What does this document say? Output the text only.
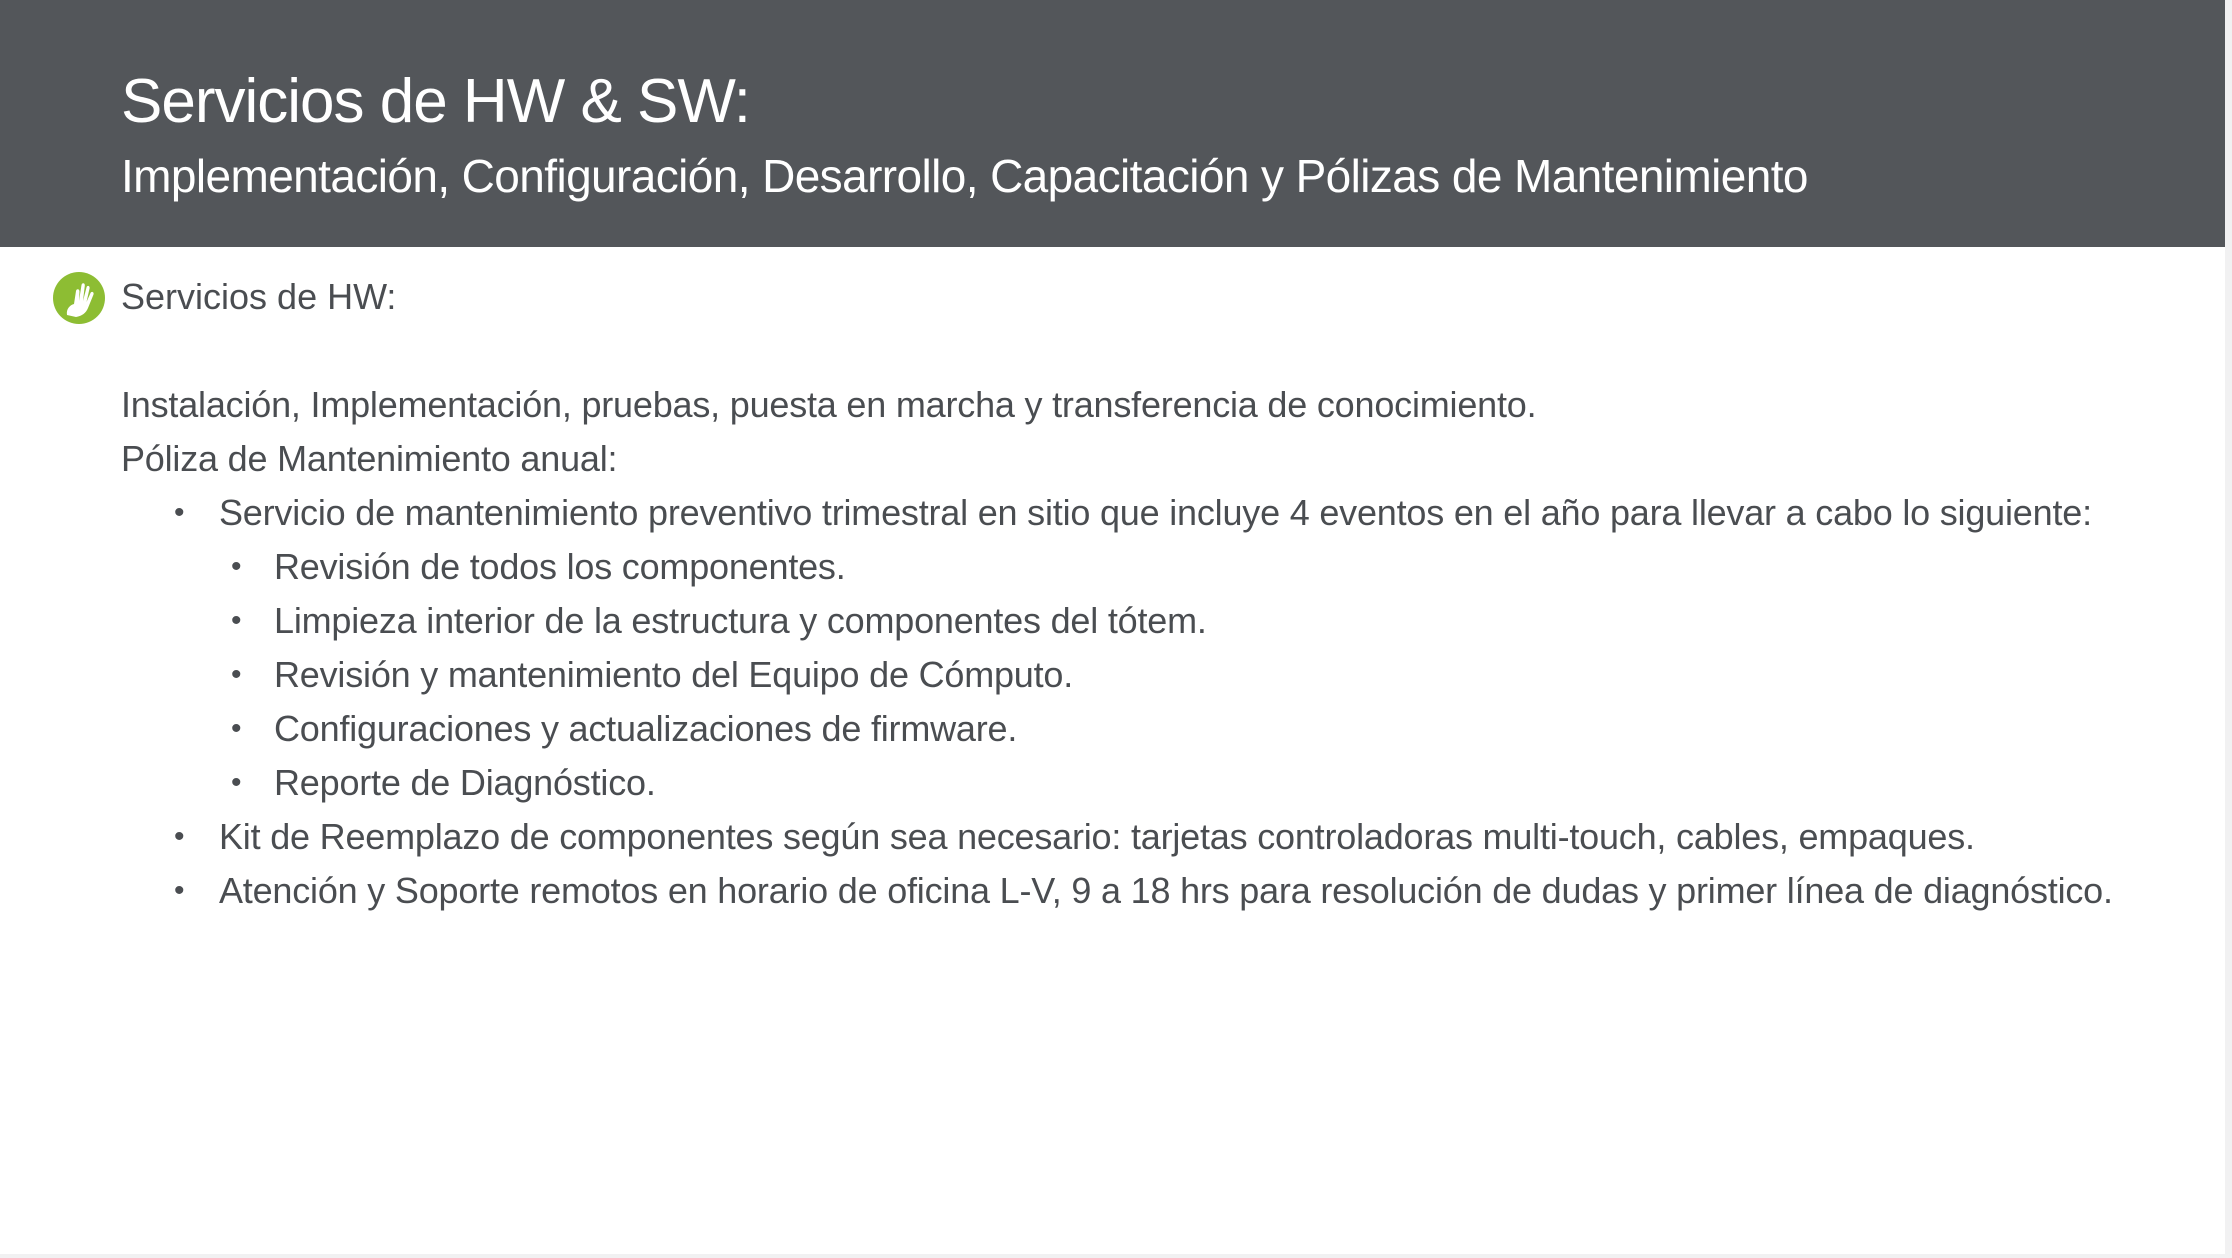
Servicios de HW & SW:
Implementación, Configuración, Desarrollo, Capacitación y Pólizas de Mantenimiento
Servicios de HW:

Instalación, Implementación, pruebas, puesta en marcha y transferencia de conocimiento.

Póliza de Mantenimiento anual:

• Servicio de mantenimiento preventivo trimestral en sitio que incluye 4 eventos en el año para llevar a cabo lo siguiente:
• Revisión de todos los componentes.
• Limpieza interior de la estructura y componentes del tótem.
• Revisión y mantenimiento del Equipo de Cómputo.
• Configuraciones y actualizaciones de firmware.
• Reporte de Diagnóstico.
• Kit de Reemplazo de componentes según sea necesario: tarjetas controladoras multi-touch, cables, empaques.
• Atención y Soporte remotos en horario de oficina L-V, 9 a 18 hrs para resolución de dudas y primer línea de diagnóstico.
